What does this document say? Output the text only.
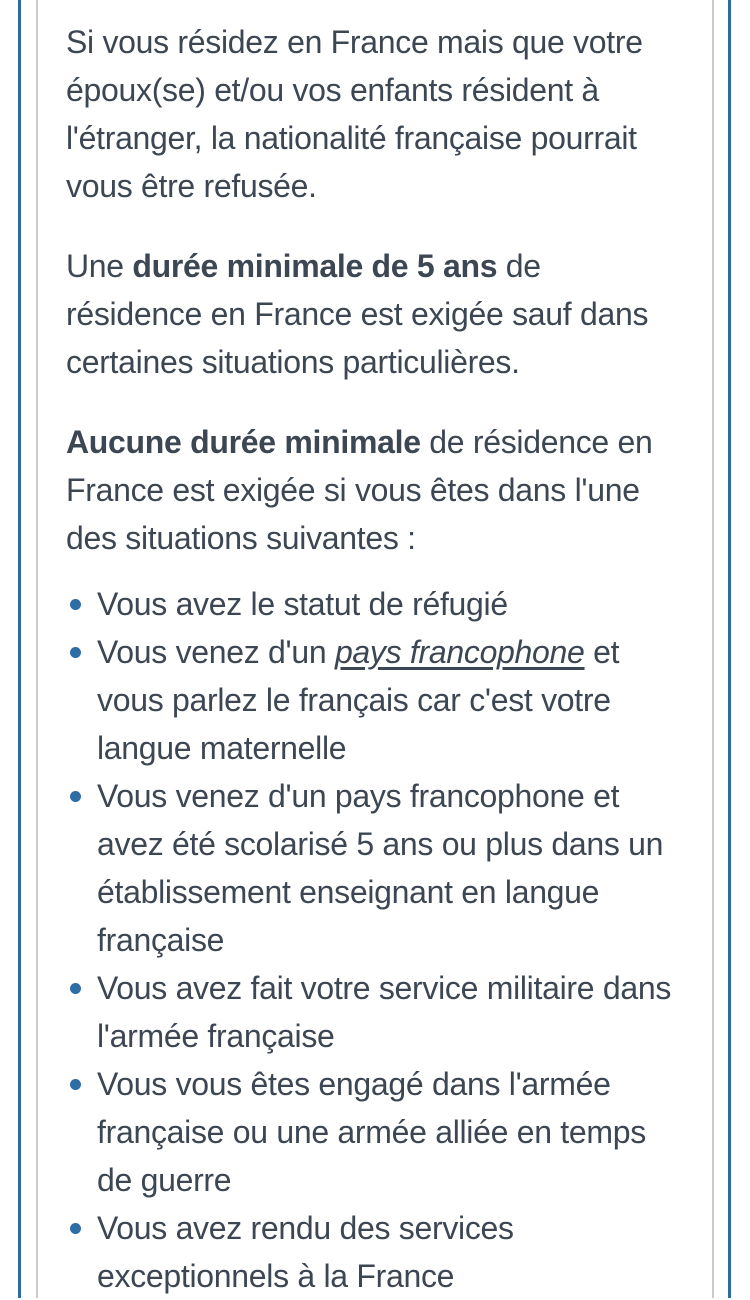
Si vous résidez en France mais que votre époux(se) et/ou vos enfants résident à l'étranger, la nationalité française pourrait vous être refusée.

Une durée minimale de 5 ans de résidence en France est exigée sauf dans certaines situations particulières.

Aucune durée minimale de résidence en France est exigée si vous êtes dans l'une des situations suivantes :

Vous avez le statut de réfugié
Vous venez d'un pays francophone et vous parlez le français car c'est votre langue maternelle
Vous venez d'un pays francophone et avez été scolarisé 5 ans ou plus dans un établissement enseignant en langue française
Vous avez fait votre service militaire dans l'armée française
Vous vous êtes engagé dans l'armée française ou une armée alliée en temps de guerre
Vous avez rendu des services exceptionnels à la France
